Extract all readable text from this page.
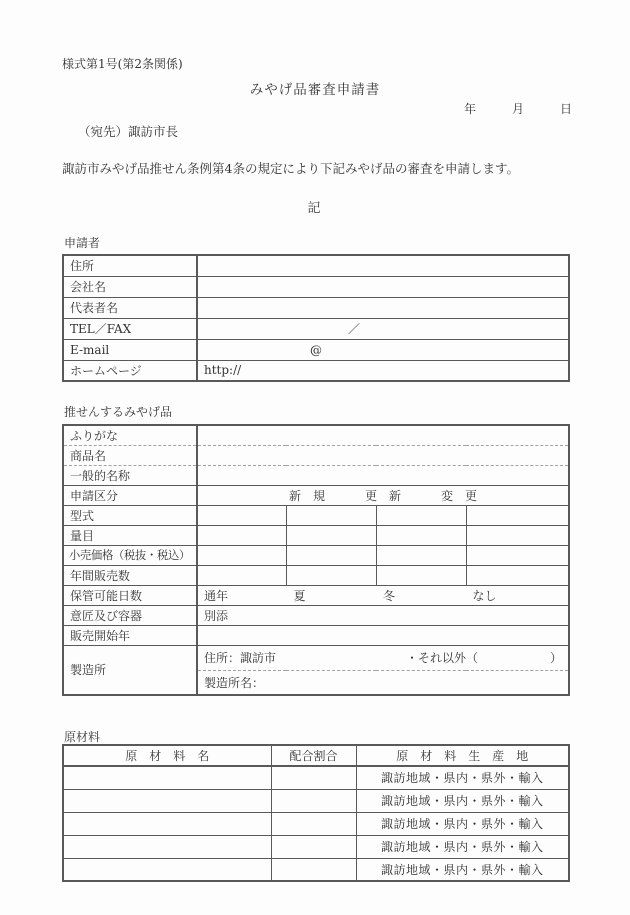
様式第1号(第2条関係)
みやげ品審査申請書
年　　　月　　　日
（宛先）諏訪市長
諏訪市みやげ品推せん条例第4条の規定により下記みやげ品の審査を申請します。
記
申請者
住所	
会社名	
代表者名	
TEL／FAX	／
E-mail	@
ホームページ	http://
推せんするみやげ品
ふりがな				
商品名				
一般的名称				
申請区分	新　規 更　新 変　更			

型式				
量目				
小売価格（税抜・税込）				
年間販売数				
保管可能日数	通年 夏 冬 なし			

意匠及び容器	別添			
販売開始年				
製造所	住所：諏訪市 ・それ以外（　　　　　　）			

	製造所名：			
原材料
原　材　料　名	配合割合	原　材　料　生　産　地
		諏訪地域・県内・県外・輸入
		諏訪地域・県内・県外・輸入
		諏訪地域・県内・県外・輸入
		諏訪地域・県内・県外・輸入
		諏訪地域・県内・県外・輸入
